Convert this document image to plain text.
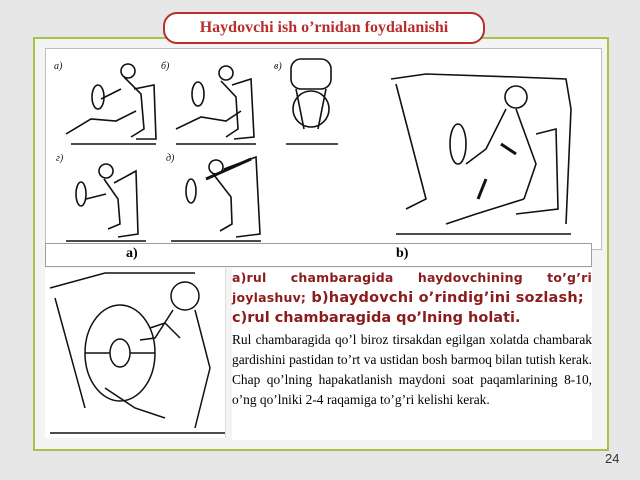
Haydovchi ish o’rnidan foydalanishi
a)	б)	в)
г)	д)
a)	b)
a)rul chambaragida haydovchining to’g’ri joylashuv; b)haydovchi o’rindig’ini sozlash;
c)rul chambaragida qo’lning holati.
Rul chambaragida qo’l biroz tirsakdan egilgan xolatda chambarak gardishini pastidan to’rt va ustidan bosh barmoq bilan tutish kerak. Chap qo’lning hapakatlanish maydoni soat paqamlarining 8-10, o’ng qo’lniki 2-4 raqamiga to’g’ri kelishi kerak.
24
